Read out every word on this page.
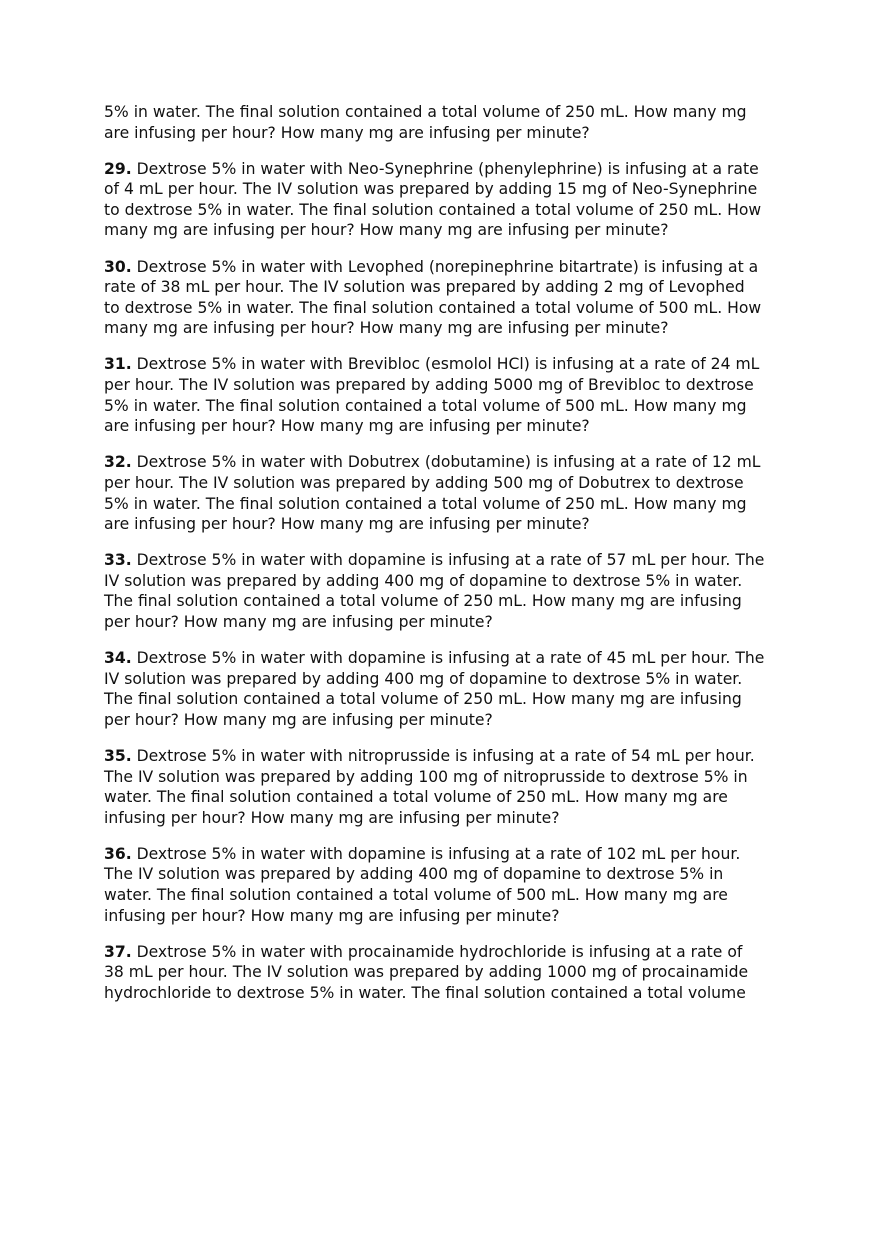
5% in water. The final solution contained a total volume of 250 mL. How many mg
are infusing per hour? How many mg are infusing per minute?

29. Dextrose 5% in water with Neo-Synephrine (phenylephrine) is infusing at a rate
of 4 mL per hour. The IV solution was prepared by adding 15 mg of Neo-Synephrine
to dextrose 5% in water. The final solution contained a total volume of 250 mL. How
many mg are infusing per hour? How many mg are infusing per minute?

30. Dextrose 5% in water with Levophed (norepinephrine bitartrate) is infusing at a
rate of 38 mL per hour. The IV solution was prepared by adding 2 mg of Levophed
to dextrose 5% in water. The final solution contained a total volume of 500 mL. How
many mg are infusing per hour? How many mg are infusing per minute?

31. Dextrose 5% in water with Brevibloc (esmolol HCl) is infusing at a rate of 24 mL
per hour. The IV solution was prepared by adding 5000 mg of Brevibloc to dextrose
5% in water. The final solution contained a total volume of 500 mL. How many mg
are infusing per hour? How many mg are infusing per minute?

32. Dextrose 5% in water with Dobutrex (dobutamine) is infusing at a rate of 12 mL
per hour. The IV solution was prepared by adding 500 mg of Dobutrex to dextrose
5% in water. The final solution contained a total volume of 250 mL. How many mg
are infusing per hour? How many mg are infusing per minute?

33. Dextrose 5% in water with dopamine is infusing at a rate of 57 mL per hour. The
IV solution was prepared by adding 400 mg of dopamine to dextrose 5% in water.
The final solution contained a total volume of 250 mL. How many mg are infusing
per hour? How many mg are infusing per minute?

34. Dextrose 5% in water with dopamine is infusing at a rate of 45 mL per hour. The
IV solution was prepared by adding 400 mg of dopamine to dextrose 5% in water.
The final solution contained a total volume of 250 mL. How many mg are infusing
per hour? How many mg are infusing per minute?

35. Dextrose 5% in water with nitroprusside is infusing at a rate of 54 mL per hour.
The IV solution was prepared by adding 100 mg of nitroprusside to dextrose 5% in
water. The final solution contained a total volume of 250 mL. How many mg are
infusing per hour? How many mg are infusing per minute?

36. Dextrose 5% in water with dopamine is infusing at a rate of 102 mL per hour.
The IV solution was prepared by adding 400 mg of dopamine to dextrose 5% in
water. The final solution contained a total volume of 500 mL. How many mg are
infusing per hour? How many mg are infusing per minute?

37. Dextrose 5% in water with procainamide hydrochloride is infusing at a rate of
38 mL per hour. The IV solution was prepared by adding 1000 mg of procainamide
hydrochloride to dextrose 5% in water. The final solution contained a total volume
